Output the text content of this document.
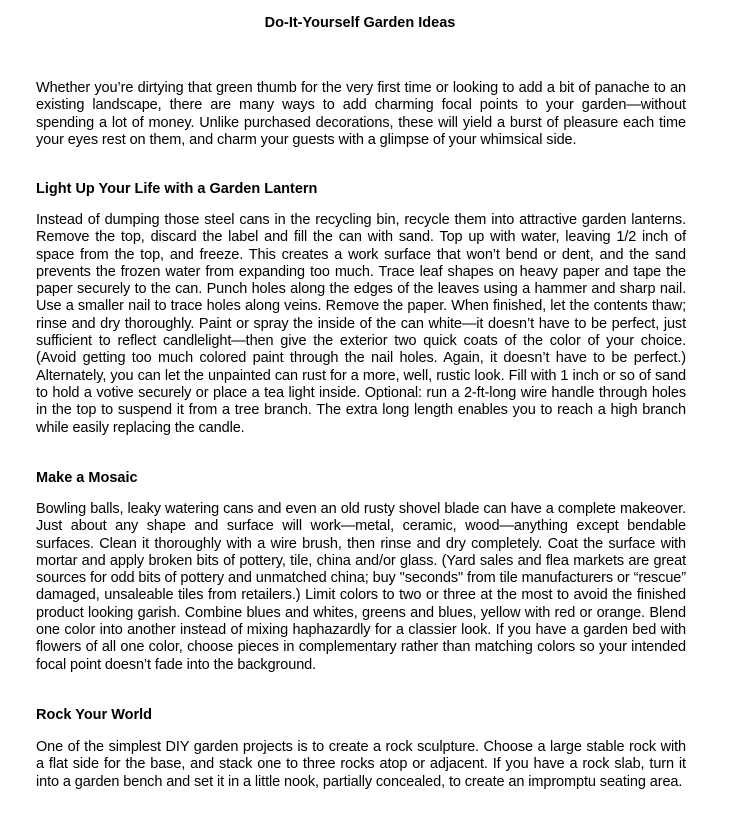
Do-It-Yourself Garden Ideas

Whether you’re dirtying that green thumb for the very first time or looking to add a bit of panache to an existing landscape, there are many ways to add charming focal points to your garden—without spending a lot of money. Unlike purchased decorations, these will yield a burst of pleasure each time your eyes rest on them, and charm your guests with a glimpse of your whimsical side.

Light Up Your Life with a Garden Lantern

Instead of dumping those steel cans in the recycling bin, recycle them into attractive garden lanterns. Remove the top, discard the label and fill the can with sand. Top up with water, leaving 1/2 inch of space from the top, and freeze. This creates a work surface that won’t bend or dent, and the sand prevents the frozen water from expanding too much. Trace leaf shapes on heavy paper and tape the paper securely to the can. Punch holes along the edges of the leaves using a hammer and sharp nail. Use a smaller nail to trace holes along veins. Remove the paper. When finished, let the contents thaw; rinse and dry thoroughly. Paint or spray the inside of the can white—it doesn’t have to be perfect, just sufficient to reflect candlelight—then give the exterior two quick coats of the color of your choice. (Avoid getting too much colored paint through the nail holes. Again, it doesn’t have to be perfect.) Alternately, you can let the unpainted can rust for a more, well, rustic look. Fill with 1 inch or so of sand to hold a votive securely or place a tea light inside. Optional: run a 2-ft-long wire handle through holes in the top to suspend it from a tree branch. The extra long length enables you to reach a high branch while easily replacing the candle.

Make a Mosaic

Bowling balls, leaky watering cans and even an old rusty shovel blade can have a complete makeover. Just about any shape and surface will work—metal, ceramic, wood—anything except bendable surfaces. Clean it thoroughly with a wire brush, then rinse and dry completely. Coat the surface with mortar and apply broken bits of pottery, tile, china and/or glass. (Yard sales and flea markets are great sources for odd bits of pottery and unmatched china; buy "seconds" from tile manufacturers or “rescue” damaged, unsaleable tiles from retailers.) Limit colors to two or three at the most to avoid the finished product looking garish. Combine blues and whites, greens and blues, yellow with red or orange. Blend one color into another instead of mixing haphazardly for a classier look. If you have a garden bed with flowers of all one color, choose pieces in complementary rather than matching colors so your intended focal point doesn’t fade into the background.

Rock Your World

One of the simplest DIY garden projects is to create a rock sculpture. Choose a large stable rock with a flat side for the base, and stack one to three rocks atop or adjacent. If you have a rock slab, turn it into a garden bench and set it in a little nook, partially concealed, to create an impromptu seating area.
